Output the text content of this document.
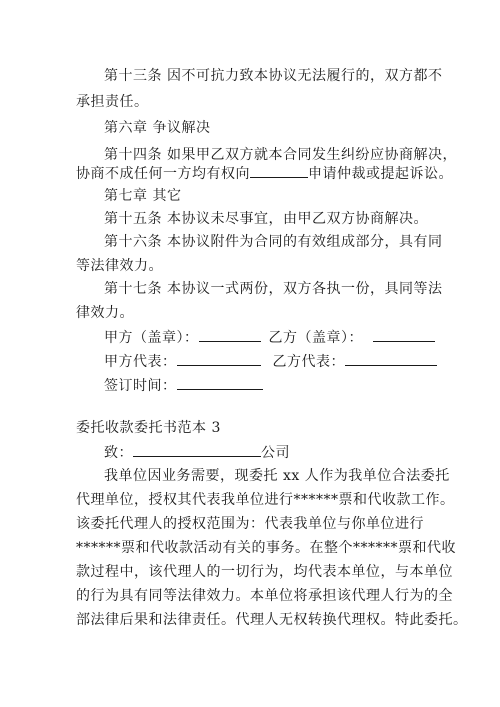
第十三条 因不可抗力致本协议无法履行的，双方都不
承担责任。
第六章 争议解决
第十四条 如果甲乙双方就本合同发生纠纷应协商解决，
协商不成任何一方均有权向	申请仲裁或提起诉讼。
第七章 其它
第十五条 本协议未尽事宜，由甲乙双方协商解决。
第十六条 本协议附件为合同的有效组成部分，具有同
等法律效力。
第十七条 本协议一式两份，双方各执一份，具同等法
律效力。
甲方（盖章）：	乙方（盖章）：
甲方代表：	乙方代表：
签订时间：
委托收款委托书范本 3
致：	公司
我单位因业务需要，现委托 xx 人作为我单位合法委托
代理单位，授权其代表我单位进行******票和代收款工作。
该委托代理人的授权范围为：代表我单位与你单位进行
******票和代收款活动有关的事务。在整个******票和代收
款过程中，该代理人的一切行为，均代表本单位，与本单位
的行为具有同等法律效力。本单位将承担该代理人行为的全
部法律后果和法律责任。代理人无权转换代理权。特此委托。
